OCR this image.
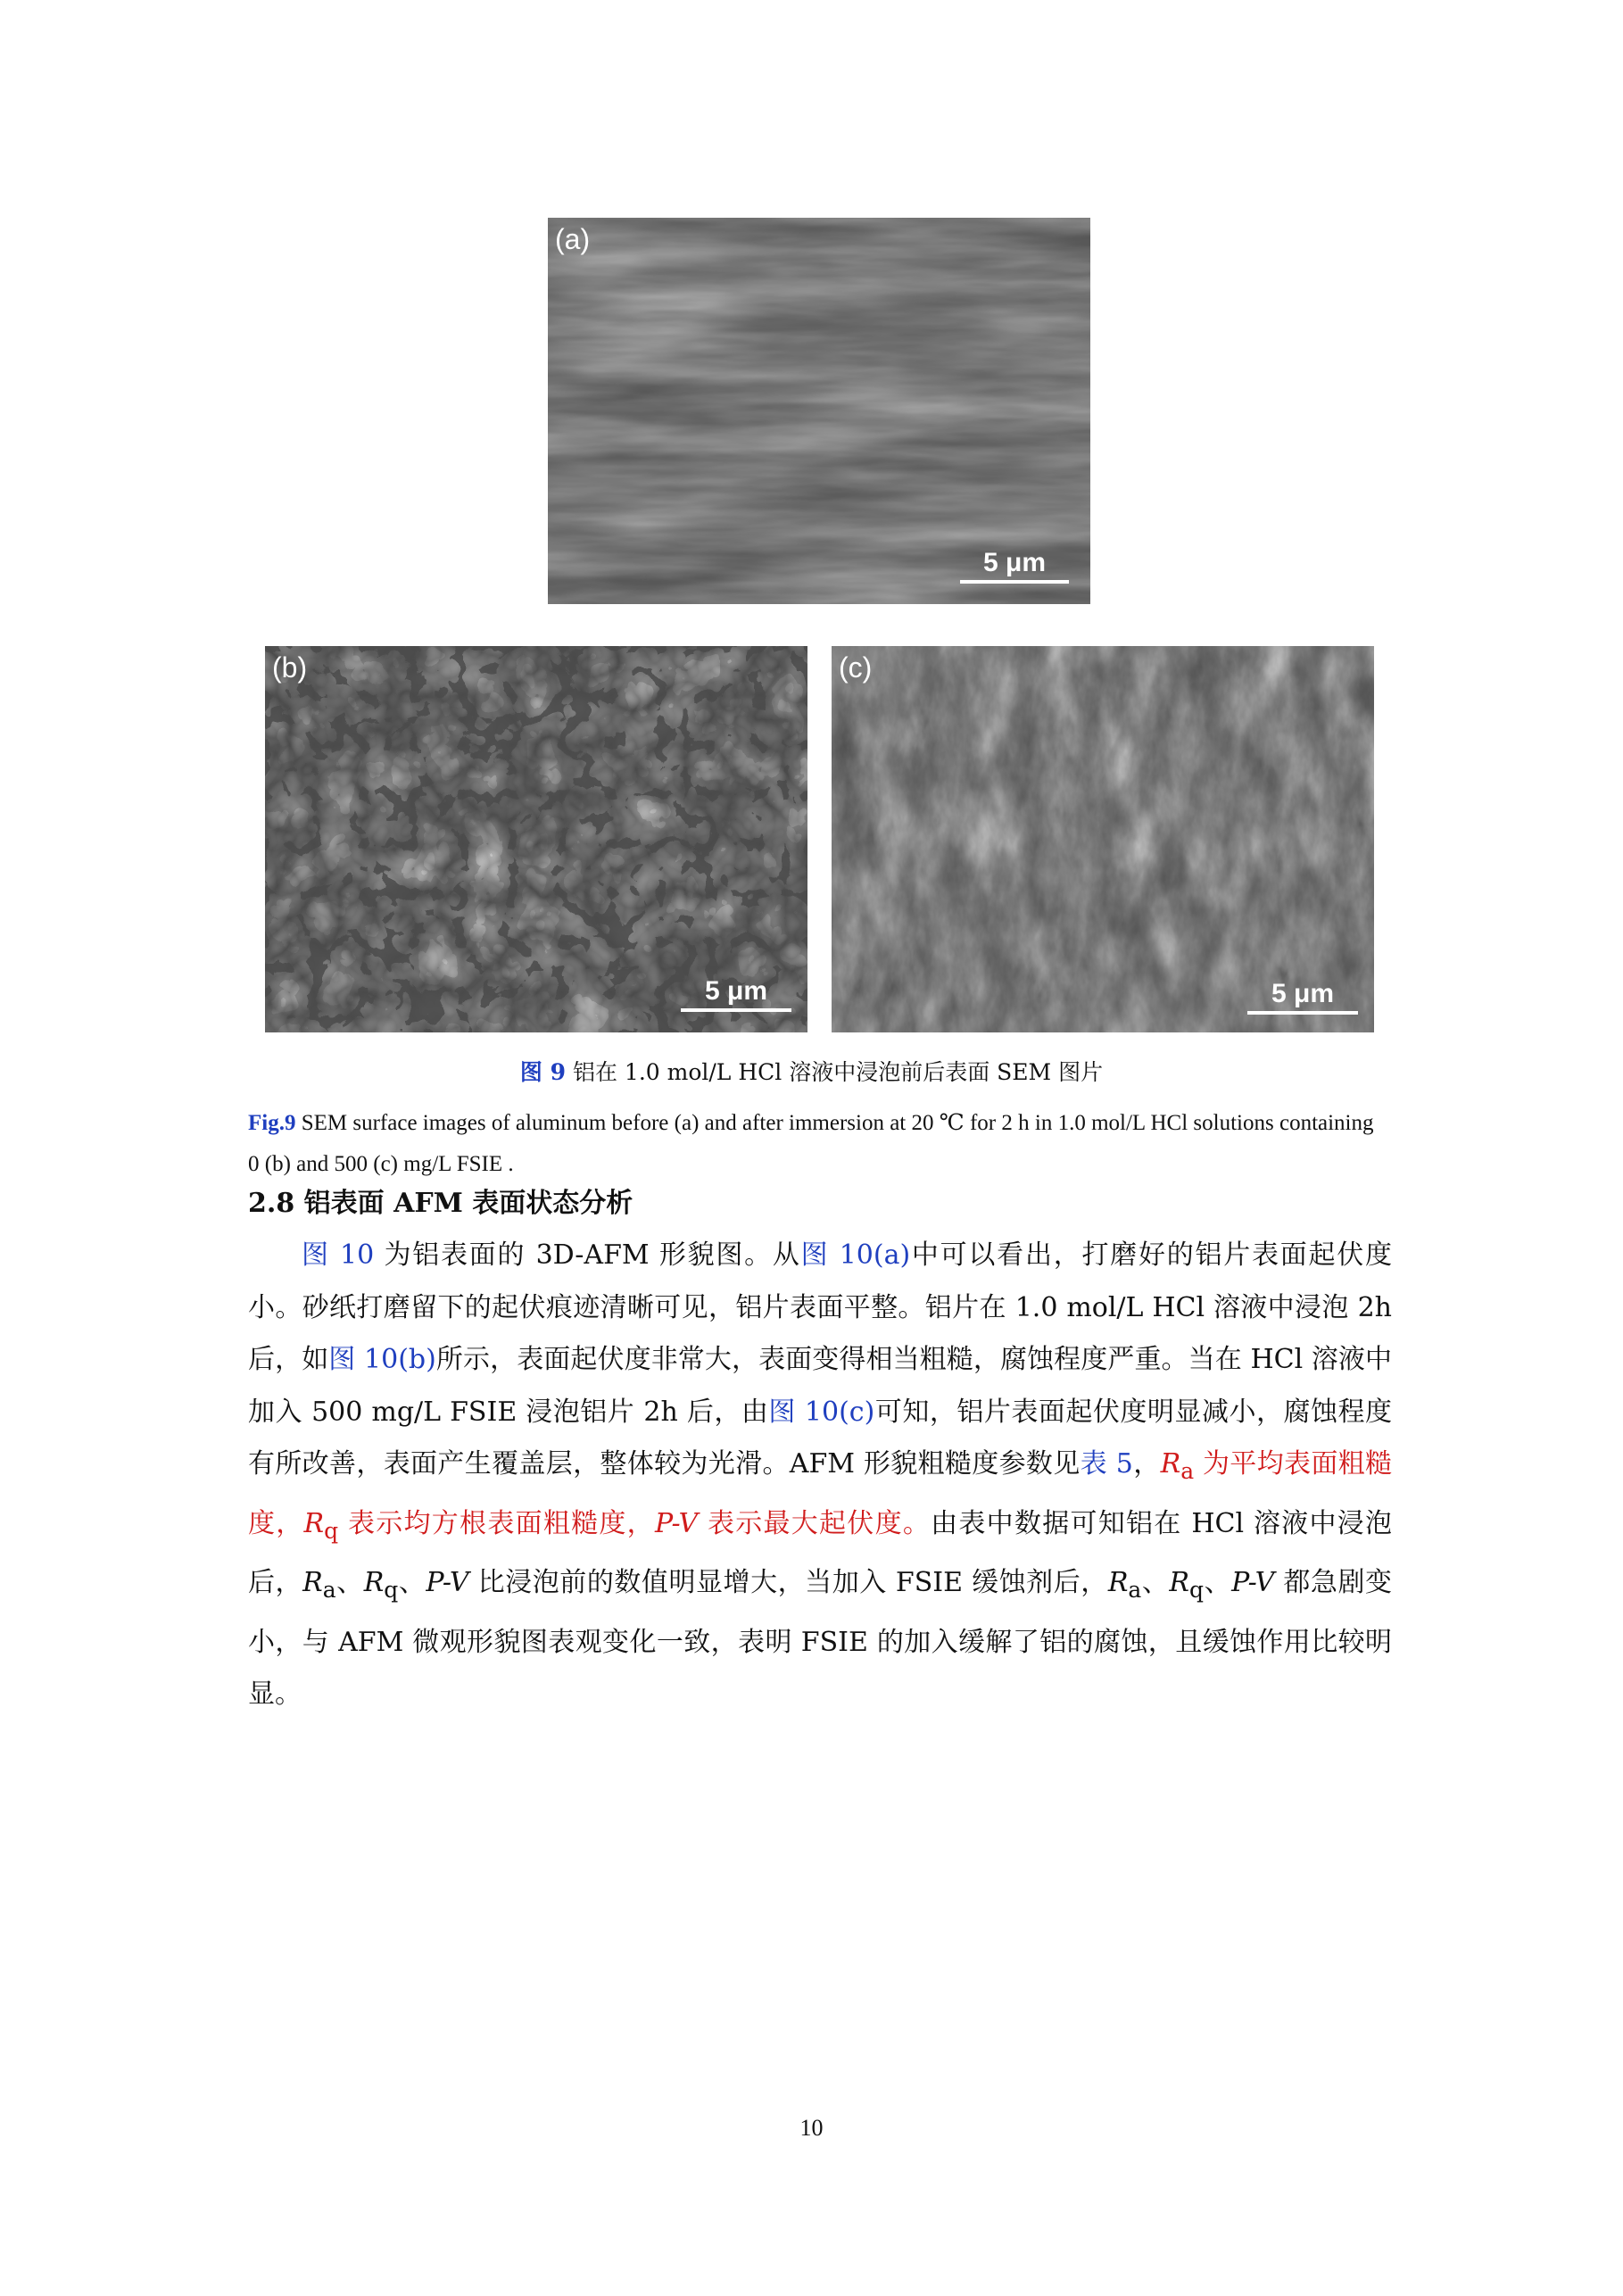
(a)
5 μm
(b)
5 μm
(c)
5 μm
图 9 铝在 1.0 mol/L HCl 溶液中浸泡前后表面 SEM 图片
Fig.9 SEM surface images of aluminum before (a) and after immersion at 20 ℃ for 2 h in 1.0 mol/L HCl solutions containing 0 (b) and 500 (c) mg/L FSIE .
2.8 铝表面 AFM 表面状态分析
图 10 为铝表面的 3D-AFM 形貌图。从图 10(a)中可以看出，打磨好的铝片表面起伏度小。砂纸打磨留下的起伏痕迹清晰可见，铝片表面平整。铝片在 1.0 mol/L HCl 溶液中浸泡 2h 后，如图 10(b)所示，表面起伏度非常大，表面变得相当粗糙，腐蚀程度严重。当在 HCl 溶液中加入 500 mg/L FSIE 浸泡铝片 2h 后，由图 10(c)可知，铝片表面起伏度明显减小，腐蚀程度有所改善，表面产生覆盖层，整体较为光滑。AFM 形貌粗糙度参数见表 5，$R_a$ 为平均表面粗糙度，$R_q$ 表示均方根表面粗糙度，P-V 表示最大起伏度。由表中数据可知铝在 HCl 溶液中浸泡后，$R_a$、$R_q$、P-V 比浸泡前的数值明显增大，当加入 FSIE 缓蚀剂后，$R_a$、$R_q$、P-V 都急剧变小，与 AFM 微观形貌图表观变化一致，表明 FSIE 的加入缓解了铝的腐蚀，且缓蚀作用比较明显。
10
